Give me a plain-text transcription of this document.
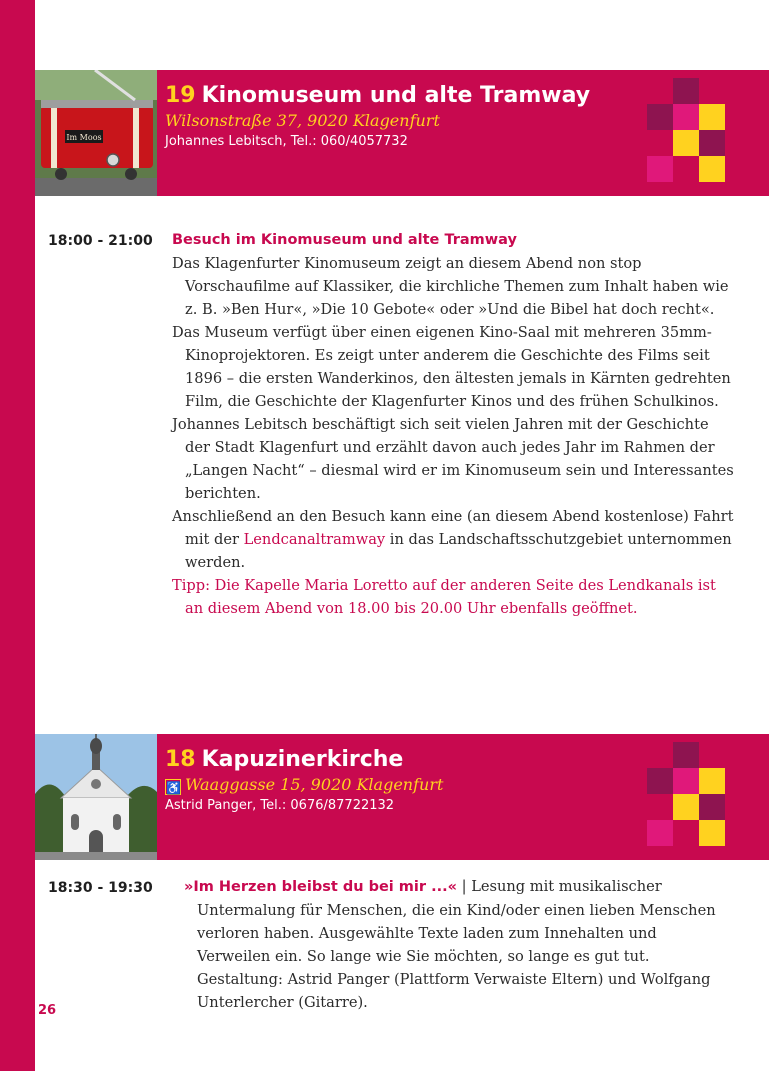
Im Moos
19 Kinomuseum und alte Tramway
Wilsonstraße 37, 9020 Klagenfurt
Johannes Lebitsch, Tel.: 060/4057732
18:00 - 21:00	Besuch im Kinomuseum und alte Tramway
Das Klagenfurter Kinomuseum zeigt an diesem Abend non stop Vorschaufilme auf Klassiker, die kirchliche Themen zum Inhalt haben wie z. B. »Ben Hur«, »Die 10 Gebote« oder »Und die Bibel hat doch recht«.
Das Museum verfügt über einen eigenen Kino-Saal mit mehreren 35mm-Kinoprojektoren. Es zeigt unter anderem die Geschichte des Films seit 1896 – die ersten Wanderkinos, den ältesten jemals in Kärnten gedrehten Film, die Geschichte der Klagenfurter Kinos und des frühen Schulkinos.
Johannes Lebitsch beschäftigt sich seit vielen Jahren mit der Geschichte der Stadt Klagenfurt und erzählt davon auch jedes Jahr im Rahmen der „Langen Nacht“ – diesmal wird er im Kinomuseum sein und Interessantes berichten.
Anschließend an den Besuch kann eine (an diesem Abend kostenlose) Fahrt mit der Lendcanaltramway in das Landschaftsschutzgebiet unternommen werden.
Tipp: Die Kapelle Maria Loretto auf der anderen Seite des Lendkanals ist an diesem Abend von 18.00 bis 20.00 Uhr ebenfalls geöffnet.
18 Kapuzinerkirche
♿ Waaggasse 15, 9020 Klagenfurt
Astrid Panger, Tel.: 0676/87722132
18:30 - 19:30	»Im Herzen bleibst du bei mir ...« | Lesung mit musikalischer Untermalung für Menschen, die ein Kind/oder einen lieben Menschen verloren haben. Ausgewählte Texte laden zum Innehalten und Verweilen ein. So lange wie Sie möchten, so lange es gut tut. Gestaltung: Astrid Panger (Plattform Verwaiste Eltern) und Wolfgang Unterlercher (Gitarre).
26
